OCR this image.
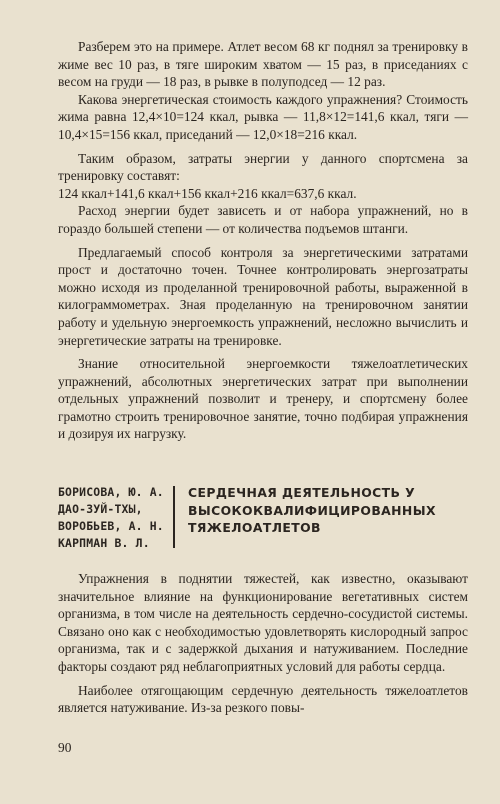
Разберем это на примере. Атлет весом 68 кг поднял за тренировку в жиме вес 10 раз, в тяге широким хватом — 15 раз, в приседаниях с весом на груди — 18 раз, в рывке в полуподсед — 12 раз.

Какова энергетическая стоимость каждого упражнения? Стоимость жима равна 12,4×10=124 ккал, рывка — 11,8×12=141,6 ккал, тяги — 10,4×15=156 ккал, приседаний — 12,0×18=216 ккал.

Таким образом, затраты энергии у данного спортсмена за тренировку составят:

124 ккал+141,6 ккал+156 ккал+216 ккал=637,6 ккал.

Расход энергии будет зависеть и от набора упражнений, но в гораздо большей степени — от количества подъемов штанги.

Предлагаемый способ контроля за энергетическими затратами прост и достаточно точен. Точнее контролировать энергозатраты можно исходя из проделанной тренировочной работы, выраженной в килограммометрах. Зная проделанную на тренировочном занятии работу и удельную энергоемкость упражнений, несложно вычислить и энергетические затраты на тренировке.

Знание относительной энергоемкости тяжелоатлетических упражнений, абсолютных энергетических затрат при выполнении отдельных упражнений позволит и тренеру, и спортсмену более грамотно строить тренировочное занятие, точно подбирая упражнения и дозируя их нагрузку.

БОРИСОВА, Ю. А.
ДАО-ЗУЙ-ТХЫ,
ВОРОБЬЕВ, А. Н.
КАРПМАН В. Л.
СЕРДЕЧНАЯ ДЕЯТЕЛЬНОСТЬ У
ВЫСОКОКВАЛИФИЦИРОВАННЫХ
ТЯЖЕЛОАТЛЕТОВ

Упражнения в поднятии тяжестей, как известно, оказывают значительное влияние на функционирование вегетативных систем организма, в том числе на деятельность сердечно-сосудистой системы. Связано оно как с необходимостью удовлетворять кислородный запрос организма, так и с задержкой дыхания и натуживанием. Последние факторы создают ряд неблагоприятных условий для работы сердца.

Наиболее отягощающим сердечную деятельность тяжелоатлетов является натуживание. Из-за резкого повы-

90
